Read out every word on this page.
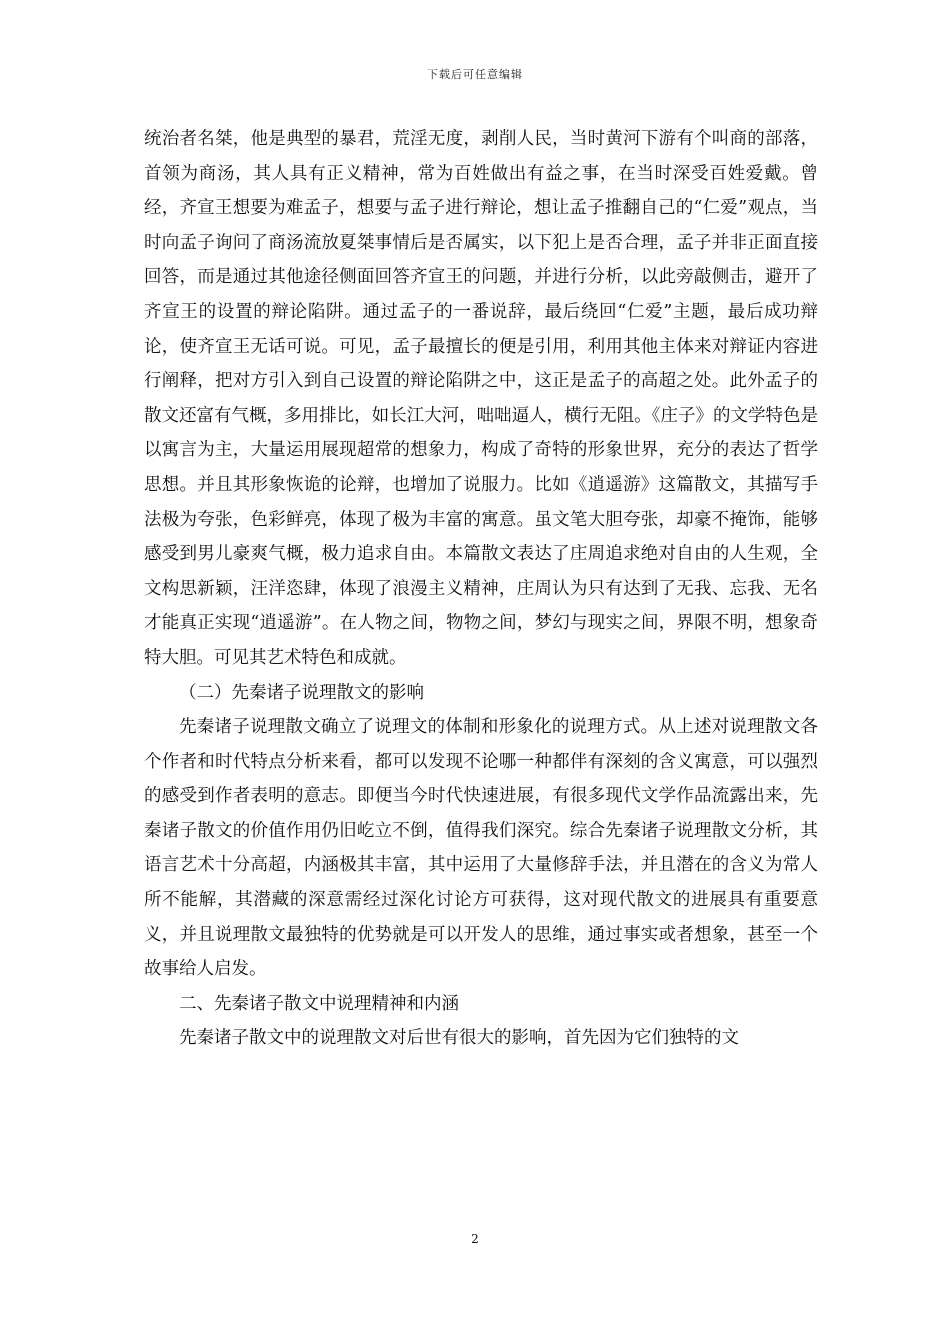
下载后可任意编辑

统治者名桀，他是典型的暴君，荒淫无度，剥削人民，当时黄河下游有个叫商的部落，首领为商汤，其人具有正义精神，常为百姓做出有益之事，在当时深受百姓爱戴。曾经，齐宣王想要为难孟子，想要与孟子进行辩论，想让孟子推翻自己的“仁爱”观点，当时向孟子询问了商汤流放夏桀事情后是否属实，以下犯上是否合理，孟子并非正面直接回答，而是通过其他途径侧面回答齐宣王的问题，并进行分析，以此旁敲侧击，避开了齐宣王的设置的辩论陷阱。通过孟子的一番说辞，最后绕回“仁爱”主题，最后成功辩论，使齐宣王无话可说。可见，孟子最擅长的便是引用，利用其他主体来对辩证内容进行阐释，把对方引入到自己设置的辩论陷阱之中，这正是孟子的高超之处。此外孟子的散文还富有气概，多用排比，如长江大河，咄咄逼人，横行无阻。《庄子》的文学特色是以寓言为主，大量运用展现超常的想象力，构成了奇特的形象世界，充分的表达了哲学思想。并且其形象恢诡的论辩，也增加了说服力。比如《逍遥游》这篇散文，其描写手法极为夸张，色彩鲜亮，体现了极为丰富的寓意。虽文笔大胆夸张，却豪不掩饰，能够感受到男儿豪爽气概，极力追求自由。本篇散文表达了庄周追求绝对自由的人生观，全文构思新颖，汪洋恣肆，体现了浪漫主义精神，庄周认为只有达到了无我、忘我、无名才能真正实现“逍遥游”。在人物之间，物物之间，梦幻与现实之间，界限不明，想象奇特大胆。可见其艺术特色和成就。

（二）先秦诸子说理散文的影响

先秦诸子说理散文确立了说理文的体制和形象化的说理方式。从上述对说理散文各个作者和时代特点分析来看，都可以发现不论哪一种都伴有深刻的含义寓意，可以强烈的感受到作者表明的意志。即便当今时代快速进展，有很多现代文学作品流露出来，先秦诸子散文的价值作用仍旧屹立不倒，值得我们深究。综合先秦诸子说理散文分析，其语言艺术十分高超，内涵极其丰富，其中运用了大量修辞手法，并且潜在的含义为常人所不能解，其潜藏的深意需经过深化讨论方可获得，这对现代散文的进展具有重要意义，并且说理散文最独特的优势就是可以开发人的思维，通过事实或者想象，甚至一个故事给人启发。

二、先秦诸子散文中说理精神和内涵

先秦诸子散文中的说理散文对后世有很大的影响，首先因为它们独特的文

2
